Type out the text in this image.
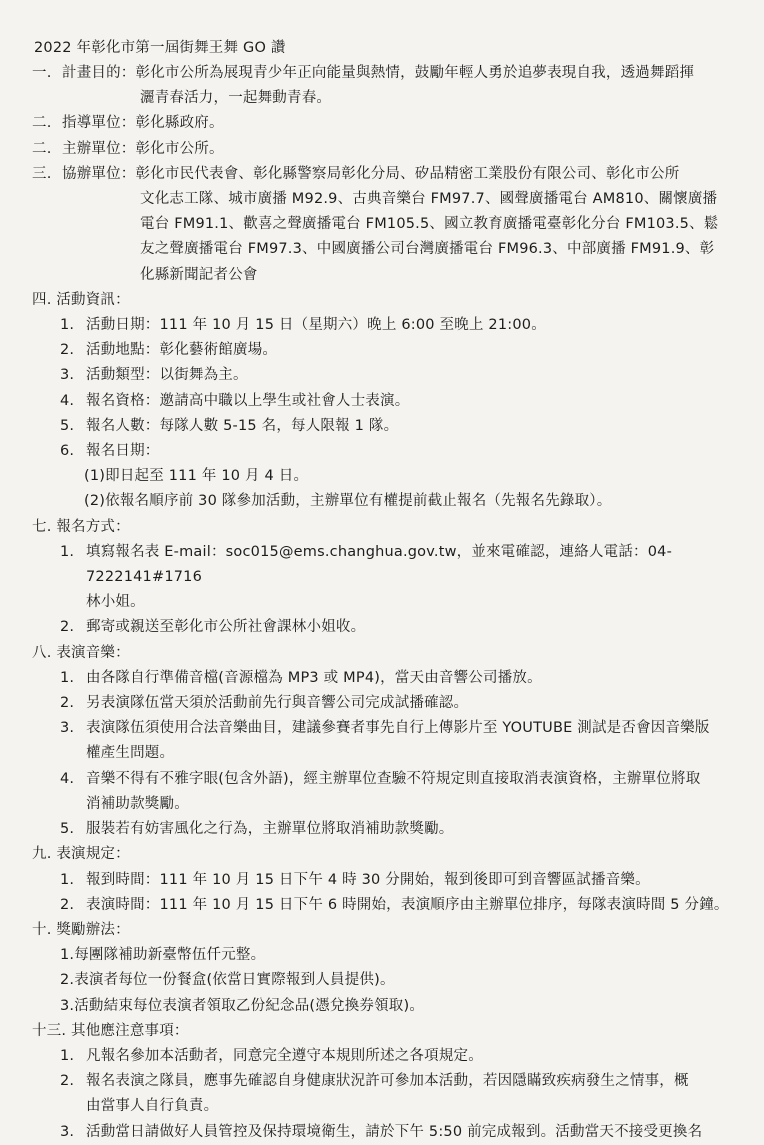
2022 年彰化市第一屆街舞王舞 GO 讚
一. 計畫目的： 彰化市公所為展現青少年正向能量與熱情，鼓勵年輕人勇於追夢表現自我，透過舞蹈揮
灑青春活力，一起舞動青春。
二. 指導單位： 彰化縣政府。
二. 主辦單位： 彰化市公所。
三. 協辦單位： 彰化市民代表會、彰化縣警察局彰化分局、矽品精密工業股份有限公司、彰化市公所
文化志工隊、城市廣播 M92.9、古典音樂台 FM97.7、國聲廣播電台 AM810、關懷廣播
電台 FM91.1、歡喜之聲廣播電台 FM105.5、國立教育廣播電臺彰化分台 FM103.5、鬆
友之聲廣播電台 FM97.3、中國廣播公司台灣廣播電台 FM96.3、中部廣播 FM91.9、彰
化縣新聞記者公會
四. 活動資訊：
1. 活動日期：111 年 10 月 15 日（星期六）晚上 6:00 至晚上 21:00。
2. 活動地點：彰化藝術館廣場。
3. 活動類型：以街舞為主。
4. 報名資格：邀請高中職以上學生或社會人士表演。
5. 報名人數：每隊人數 5-15 名，每人限報 1 隊。
6. 報名日期：
(1)即日起至 111 年 10 月 4 日。
(2)依報名順序前 30 隊參加活動，主辦單位有權提前截止報名（先報名先錄取）。
七. 報名方式：
1. 填寫報名表 E-mail：soc015@ems.changhua.gov.tw，並來電確認，連絡人電話：04-7222141#1716
林小姐。
2. 郵寄或親送至彰化市公所社會課林小姐收。
八. 表演音樂：
1. 由各隊自行準備音檔(音源檔為 MP3 或 MP4)，當天由音響公司播放。
2. 另表演隊伍當天須於活動前先行與音響公司完成試播確認。
3. 表演隊伍須使用合法音樂曲目，建議參賽者事先自行上傳影片至 YOUTUBE 測試是否會因音樂版
權產生問題。
4. 音樂不得有不雅字眼(包含外語)，經主辦單位查驗不符規定則直接取消表演資格，主辦單位將取
消補助款獎勵。
5. 服裝若有妨害風化之行為，主辦單位將取消補助款獎勵。
九. 表演規定：
1. 報到時間：111 年 10 月 15 日下午 4 時 30 分開始，報到後即可到音響區試播音樂。
2. 表演時間：111 年 10 月 15 日下午 6 時開始，表演順序由主辦單位排序，每隊表演時間 5 分鐘。
十. 獎勵辦法：
1.每團隊補助新臺幣伍仟元整。
2.表演者每位一份餐盒(依當日實際報到人員提供)。
3.活動結束每位表演者領取乙份紀念品(憑兌換券領取)。
十三. 其他應注意事項：
1. 凡報名參加本活動者，同意完全遵守本規則所述之各項規定。
2. 報名表演之隊員，應事先確認自身健康狀況許可參加本活動，若因隱瞞致疾病發生之情事，概
由當事人自行負責。
3. 活動當日請做好人員管控及保持環境衛生，請於下午 5:50 前完成報到。活動當天不接受更換名
